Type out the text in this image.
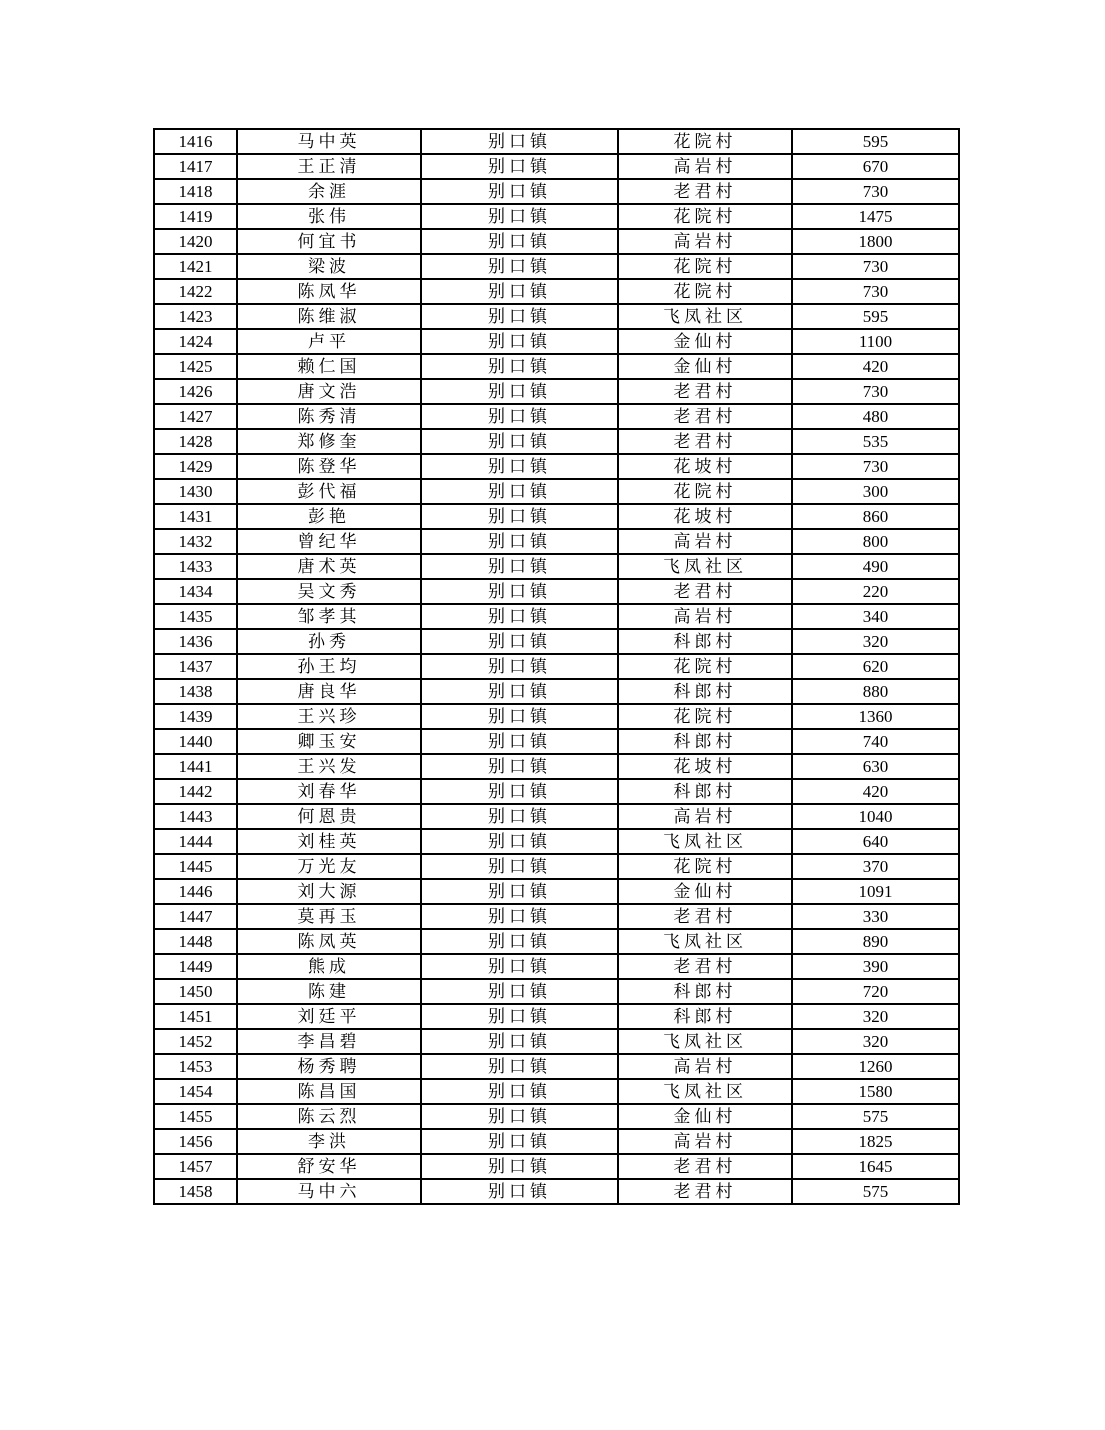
1416	马中英	别口镇	花院村	595
1417	王正清	别口镇	高岩村	670
1418	余涯	别口镇	老君村	730
1419	张伟	别口镇	花院村	1475
1420	何宜书	别口镇	高岩村	1800
1421	梁波	别口镇	花院村	730
1422	陈凤华	别口镇	花院村	730
1423	陈维淑	别口镇	飞凤社区	595
1424	卢平	别口镇	金仙村	1100
1425	赖仁国	别口镇	金仙村	420
1426	唐文浩	别口镇	老君村	730
1427	陈秀清	别口镇	老君村	480
1428	郑修奎	别口镇	老君村	535
1429	陈登华	别口镇	花坡村	730
1430	彭代福	别口镇	花院村	300
1431	彭艳	别口镇	花坡村	860
1432	曾纪华	别口镇	高岩村	800
1433	唐术英	别口镇	飞凤社区	490
1434	吴文秀	别口镇	老君村	220
1435	邹孝其	别口镇	高岩村	340
1436	孙秀	别口镇	科郎村	320
1437	孙王均	别口镇	花院村	620
1438	唐良华	别口镇	科郎村	880
1439	王兴珍	别口镇	花院村	1360
1440	卿玉安	别口镇	科郎村	740
1441	王兴发	别口镇	花坡村	630
1442	刘春华	别口镇	科郎村	420
1443	何恩贵	别口镇	高岩村	1040
1444	刘桂英	别口镇	飞凤社区	640
1445	万光友	别口镇	花院村	370
1446	刘大源	别口镇	金仙村	1091
1447	莫再玉	别口镇	老君村	330
1448	陈凤英	别口镇	飞凤社区	890
1449	熊成	别口镇	老君村	390
1450	陈建	别口镇	科郎村	720
1451	刘廷平	别口镇	科郎村	320
1452	李昌碧	别口镇	飞凤社区	320
1453	杨秀聘	别口镇	高岩村	1260
1454	陈昌国	别口镇	飞凤社区	1580
1455	陈云烈	别口镇	金仙村	575
1456	李洪	别口镇	高岩村	1825
1457	舒安华	别口镇	老君村	1645
1458	马中六	别口镇	老君村	575
